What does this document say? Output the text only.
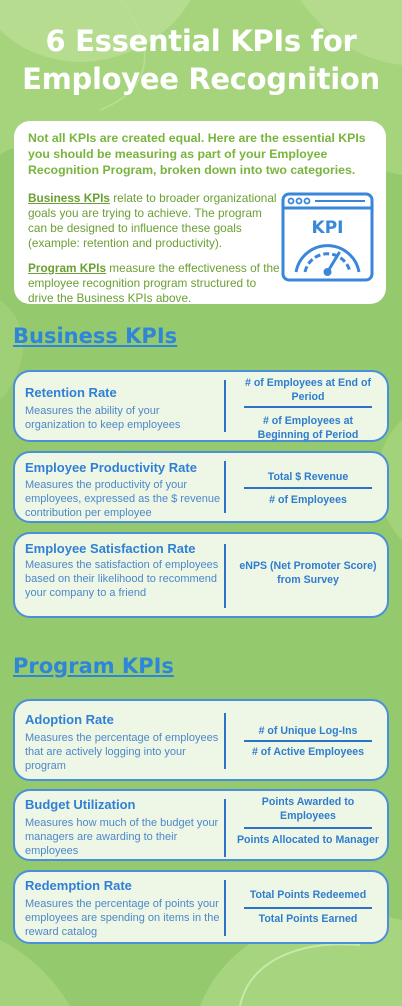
6 Essential KPIs for
Employee Recognition

Not all KPIs are created equal. Here are the essential KPIs you should be measuring as part of your Employee Recognition Program, broken down into two categories.

Business KPIs relate to broader organizational goals you are trying to achieve. The program can be designed to influence these goals (example: retention and productivity).

Program KPIs measure the effectiveness of the employee recognition program structured to drive the Business KPIs above.

KPI
Business KPIs
Retention Rate
Measures the ability of your organization to keep employees
# of Employees at End of Period
# of Employees at Beginning of Period
Employee Productivity Rate
Measures the productivity of your employees, expressed as the $ revenue contribution per employee
Total $ Revenue
# of Employees
Employee Satisfaction Rate
Measures the satisfaction of employees based on their likelihood to recommend your company to a friend
eNPS (Net Promoter Score) from Survey
Program KPIs
Adoption Rate
Measures the percentage of employees that are actively logging into your program
# of Unique Log-Ins
# of Active Employees
Budget Utilization
Measures how much of the budget your managers are awarding to their employees
Points Awarded to Employees
Points Allocated to Manager
Redemption Rate
Measures the percentage of points your employees are spending on items in the reward catalog
Total Points Redeemed
Total Points Earned
